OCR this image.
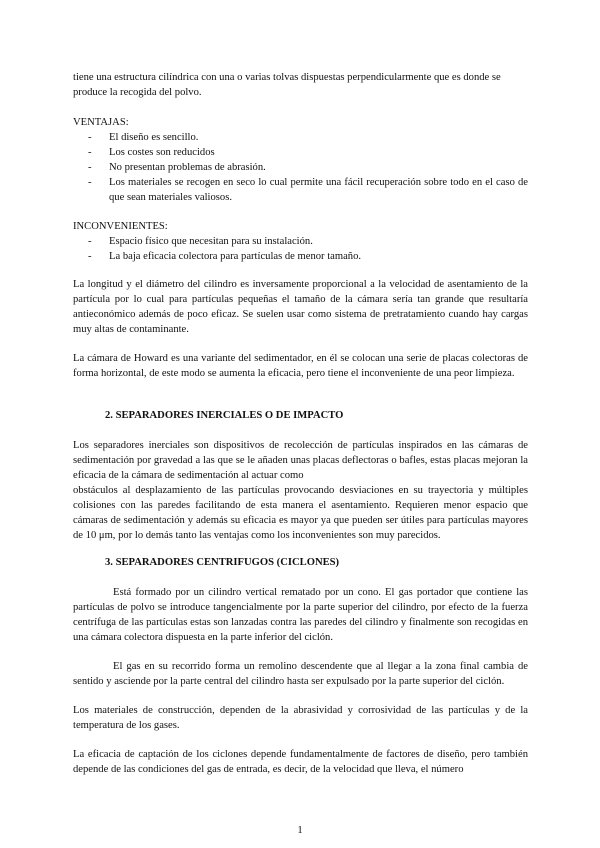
tiene una estructura cilíndrica con una o varias tolvas dispuestas perpendicularmente que es donde se produce la recogida del polvo.

VENTAJAS:

- El diseño es sencillo.
- Los costes son reducidos
- No presentan problemas de abrasión.
- Los materiales se recogen en seco lo cual permite una fácil recuperación sobre todo en el caso de que sean materiales valiosos.

INCONVENIENTES:

- Espacio físico que necesitan para su instalación.
- La baja eficacia colectora para partículas de menor tamaño.

La longitud y el diámetro del cilindro es inversamente proporcional a la velocidad de asentamiento de la partícula por lo cual para partículas pequeñas el tamaño de la cámara sería tan grande que resultaría antieconómico además de poco eficaz. Se suelen usar como sistema de pretratamiento cuando hay cargas muy altas de contaminante.

La cámara de Howard es una variante del sedimentador, en él se colocan una serie de placas colectoras de forma horizontal, de este modo se aumenta la eficacia, pero tiene el inconveniente de una peor limpieza.

2. SEPARADORES INERCIALES O DE IMPACTO

Los separadores inerciales son dispositivos de recolección de partículas inspirados en las cámaras de sedimentación por gravedad a las que se le añaden unas placas deflectoras o bafles, estas placas mejoran la eficacia de la cámara de sedimentación al actuar como

obstáculos al desplazamiento de las partículas provocando desviaciones en su trayectoria y múltiples colisiones con las paredes facilitando de esta manera el asentamiento. Requieren menor espacio que cámaras de sedimentación y además su eficacia es mayor ya que pueden ser útiles para partículas mayores de 10 μm, por lo demás tanto las ventajas como los inconvenientes son muy parecidos.

3. SEPARADORES CENTRIFUGOS (CICLONES)

Está formado por un cilindro vertical rematado por un cono. El gas portador que contiene las partículas de polvo se introduce tangencialmente por la parte superior del cilindro, por efecto de la fuerza centrífuga de las partículas estas son lanzadas contra las paredes del cilindro y finalmente son recogidas en una cámara colectora dispuesta en la parte inferior del ciclón.

El gas en su recorrido forma un remolino descendente que al llegar a la zona final cambia de sentido y asciende por la parte central del cilindro hasta ser expulsado por la parte superior del ciclón.

Los materiales de construcción, dependen de la abrasividad y corrosividad de las partículas y de la temperatura de los gases.

La eficacia de captación de los ciclones depende fundamentalmente de factores de diseño, pero también depende de las condiciones del gas de entrada, es decir, de la velocidad que lleva, el número

1
